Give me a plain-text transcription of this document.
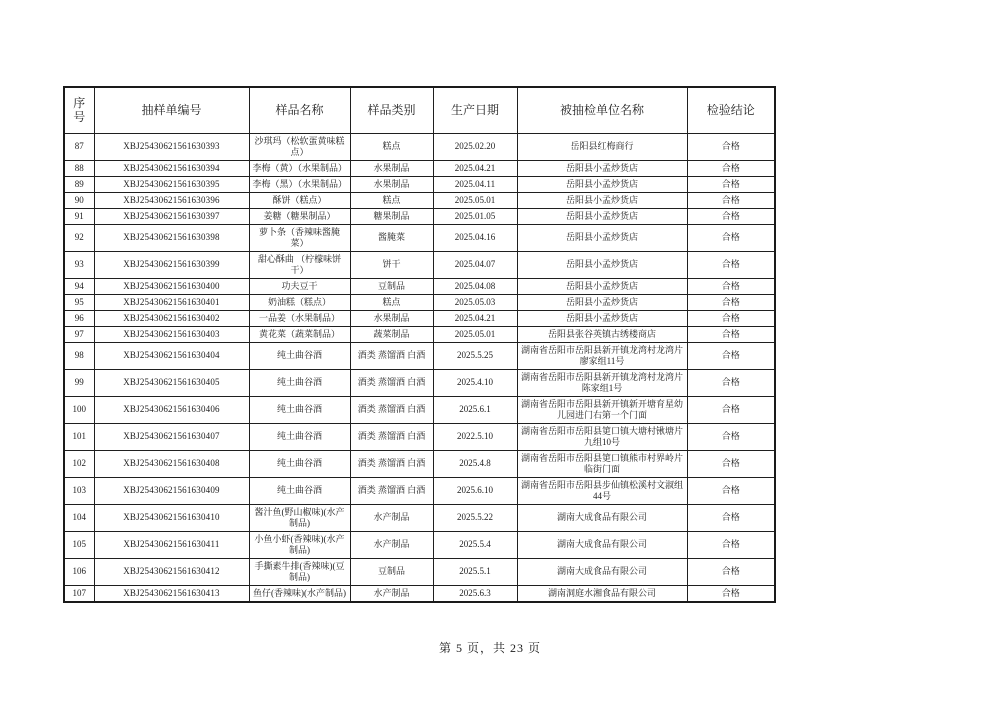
序号	抽样单编号	样品名称	样品类别	生产日期	被抽检单位名称	检验结论
87	XBJ25430621561630393	沙琪玛（松软蛋黄味糕点）	糕点	2025.02.20	岳阳县红梅商行	合格
88	XBJ25430621561630394	李梅（黄）（水果制品）	水果制品	2025.04.21	岳阳县小孟炒货店	合格
89	XBJ25430621561630395	李梅（黑）（水果制品）	水果制品	2025.04.11	岳阳县小孟炒货店	合格
90	XBJ25430621561630396	酥饼（糕点）	糕点	2025.05.01	岳阳县小孟炒货店	合格
91	XBJ25430621561630397	姜糖（糖果制品）	糖果制品	2025.01.05	岳阳县小孟炒货店	合格
92	XBJ25430621561630398	萝卜条（香辣味酱腌菜）	酱腌菜	2025.04.16	岳阳县小孟炒货店	合格
93	XBJ25430621561630399	甜心酥曲 （柠檬味饼干）	饼干	2025.04.07	岳阳县小孟炒货店	合格
94	XBJ25430621561630400	功夫豆干	豆制品	2025.04.08	岳阳县小孟炒货店	合格
95	XBJ25430621561630401	奶油糕（糕点）	糕点	2025.05.03	岳阳县小孟炒货店	合格
96	XBJ25430621561630402	一品姜（水果制品）	水果制品	2025.04.21	岳阳县小孟炒货店	合格
97	XBJ25430621561630403	黄花菜（蔬菜制品）	蔬菜制品	2025.05.01	岳阳县张谷英镇古绣楼商店	合格
98	XBJ25430621561630404	纯土曲谷酒	酒类 蒸馏酒 白酒	2025.5.25	湖南省岳阳市岳阳县新开镇龙湾村龙湾片廖家组11号	合格
99	XBJ25430621561630405	纯土曲谷酒	酒类 蒸馏酒 白酒	2025.4.10	湖南省岳阳市岳阳县新开镇龙湾村龙湾片陈家组1号	合格
100	XBJ25430621561630406	纯土曲谷酒	酒类 蒸馏酒 白酒	2025.6.1	湖南省岳阳市岳阳县新开镇新开塘育星幼儿园进门右第一个门面	合格
101	XBJ25430621561630407	纯土曲谷酒	酒类 蒸馏酒 白酒	2022.5.10	湖南省岳阳市岳阳县筻口镇大塘村锹塘片九组10号	合格
102	XBJ25430621561630408	纯土曲谷酒	酒类 蒸馏酒 白酒	2025.4.8	湖南省岳阳市岳阳县筻口镇熊市村界岭片临街门面	合格
103	XBJ25430621561630409	纯土曲谷酒	酒类 蒸馏酒 白酒	2025.6.10	湖南省岳阳市岳阳县步仙镇松溪村文淑组44号	合格
104	XBJ25430621561630410	酱汁鱼(野山椒味)(水产制品)	水产制品	2025.5.22	湖南大成食品有限公司	合格
105	XBJ25430621561630411	小鱼小虾(香辣味)(水产制品)	水产制品	2025.5.4	湖南大成食品有限公司	合格
106	XBJ25430621561630412	手撕素牛排(香辣味)(豆制品)	豆制品	2025.5.1	湖南大成食品有限公司	合格
107	XBJ25430621561630413	鱼仔(香辣味)(水产制品)	水产制品	2025.6.3	湖南洞庭水湘食品有限公司	合格
第 5 页，共 23 页
